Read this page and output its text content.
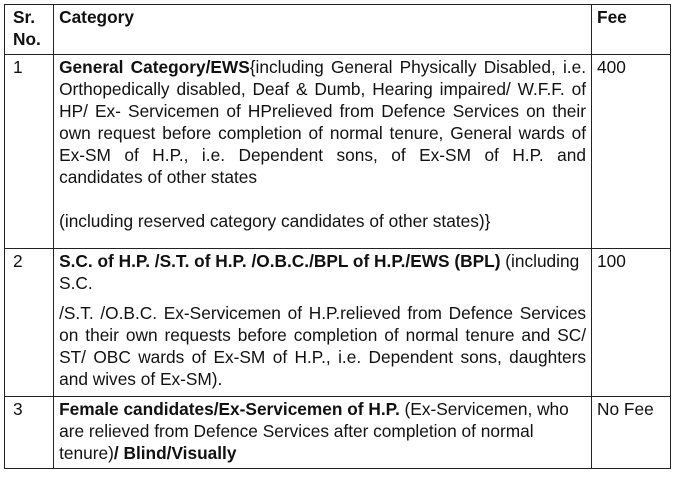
Sr. No.	Category	Fee
1	General Category/EWS{including General Physically Disabled, i.e. Orthopedically disabled, Deaf & Dumb, Hearing impaired/ W.F.F. of HP/ Ex- Servicemen of HPrelieved from Defence Services on their own request before completion of normal tenure, General wards of Ex-SM of H.P., i.e. Dependent sons, of Ex-SM of H.P. and candidates of other states

(including reserved category candidates of other states)}	400
2	S.C. of H.P. /S.T. of H.P. /O.B.C./BPL of H.P./EWS (BPL) (including S.C.

/S.T. /O.B.C. Ex-Servicemen of H.P.relieved from Defence Services on their own requests before completion of normal tenure and SC/ ST/ OBC wards of Ex-SM of H.P., i.e. Dependent sons, daughters and wives of Ex-SM).	100
3	Female candidates/Ex-Servicemen of H.P. (Ex-Servicemen, who are relieved from Defence Services after completion of normal tenure)/ Blind/Visually	No Fee
